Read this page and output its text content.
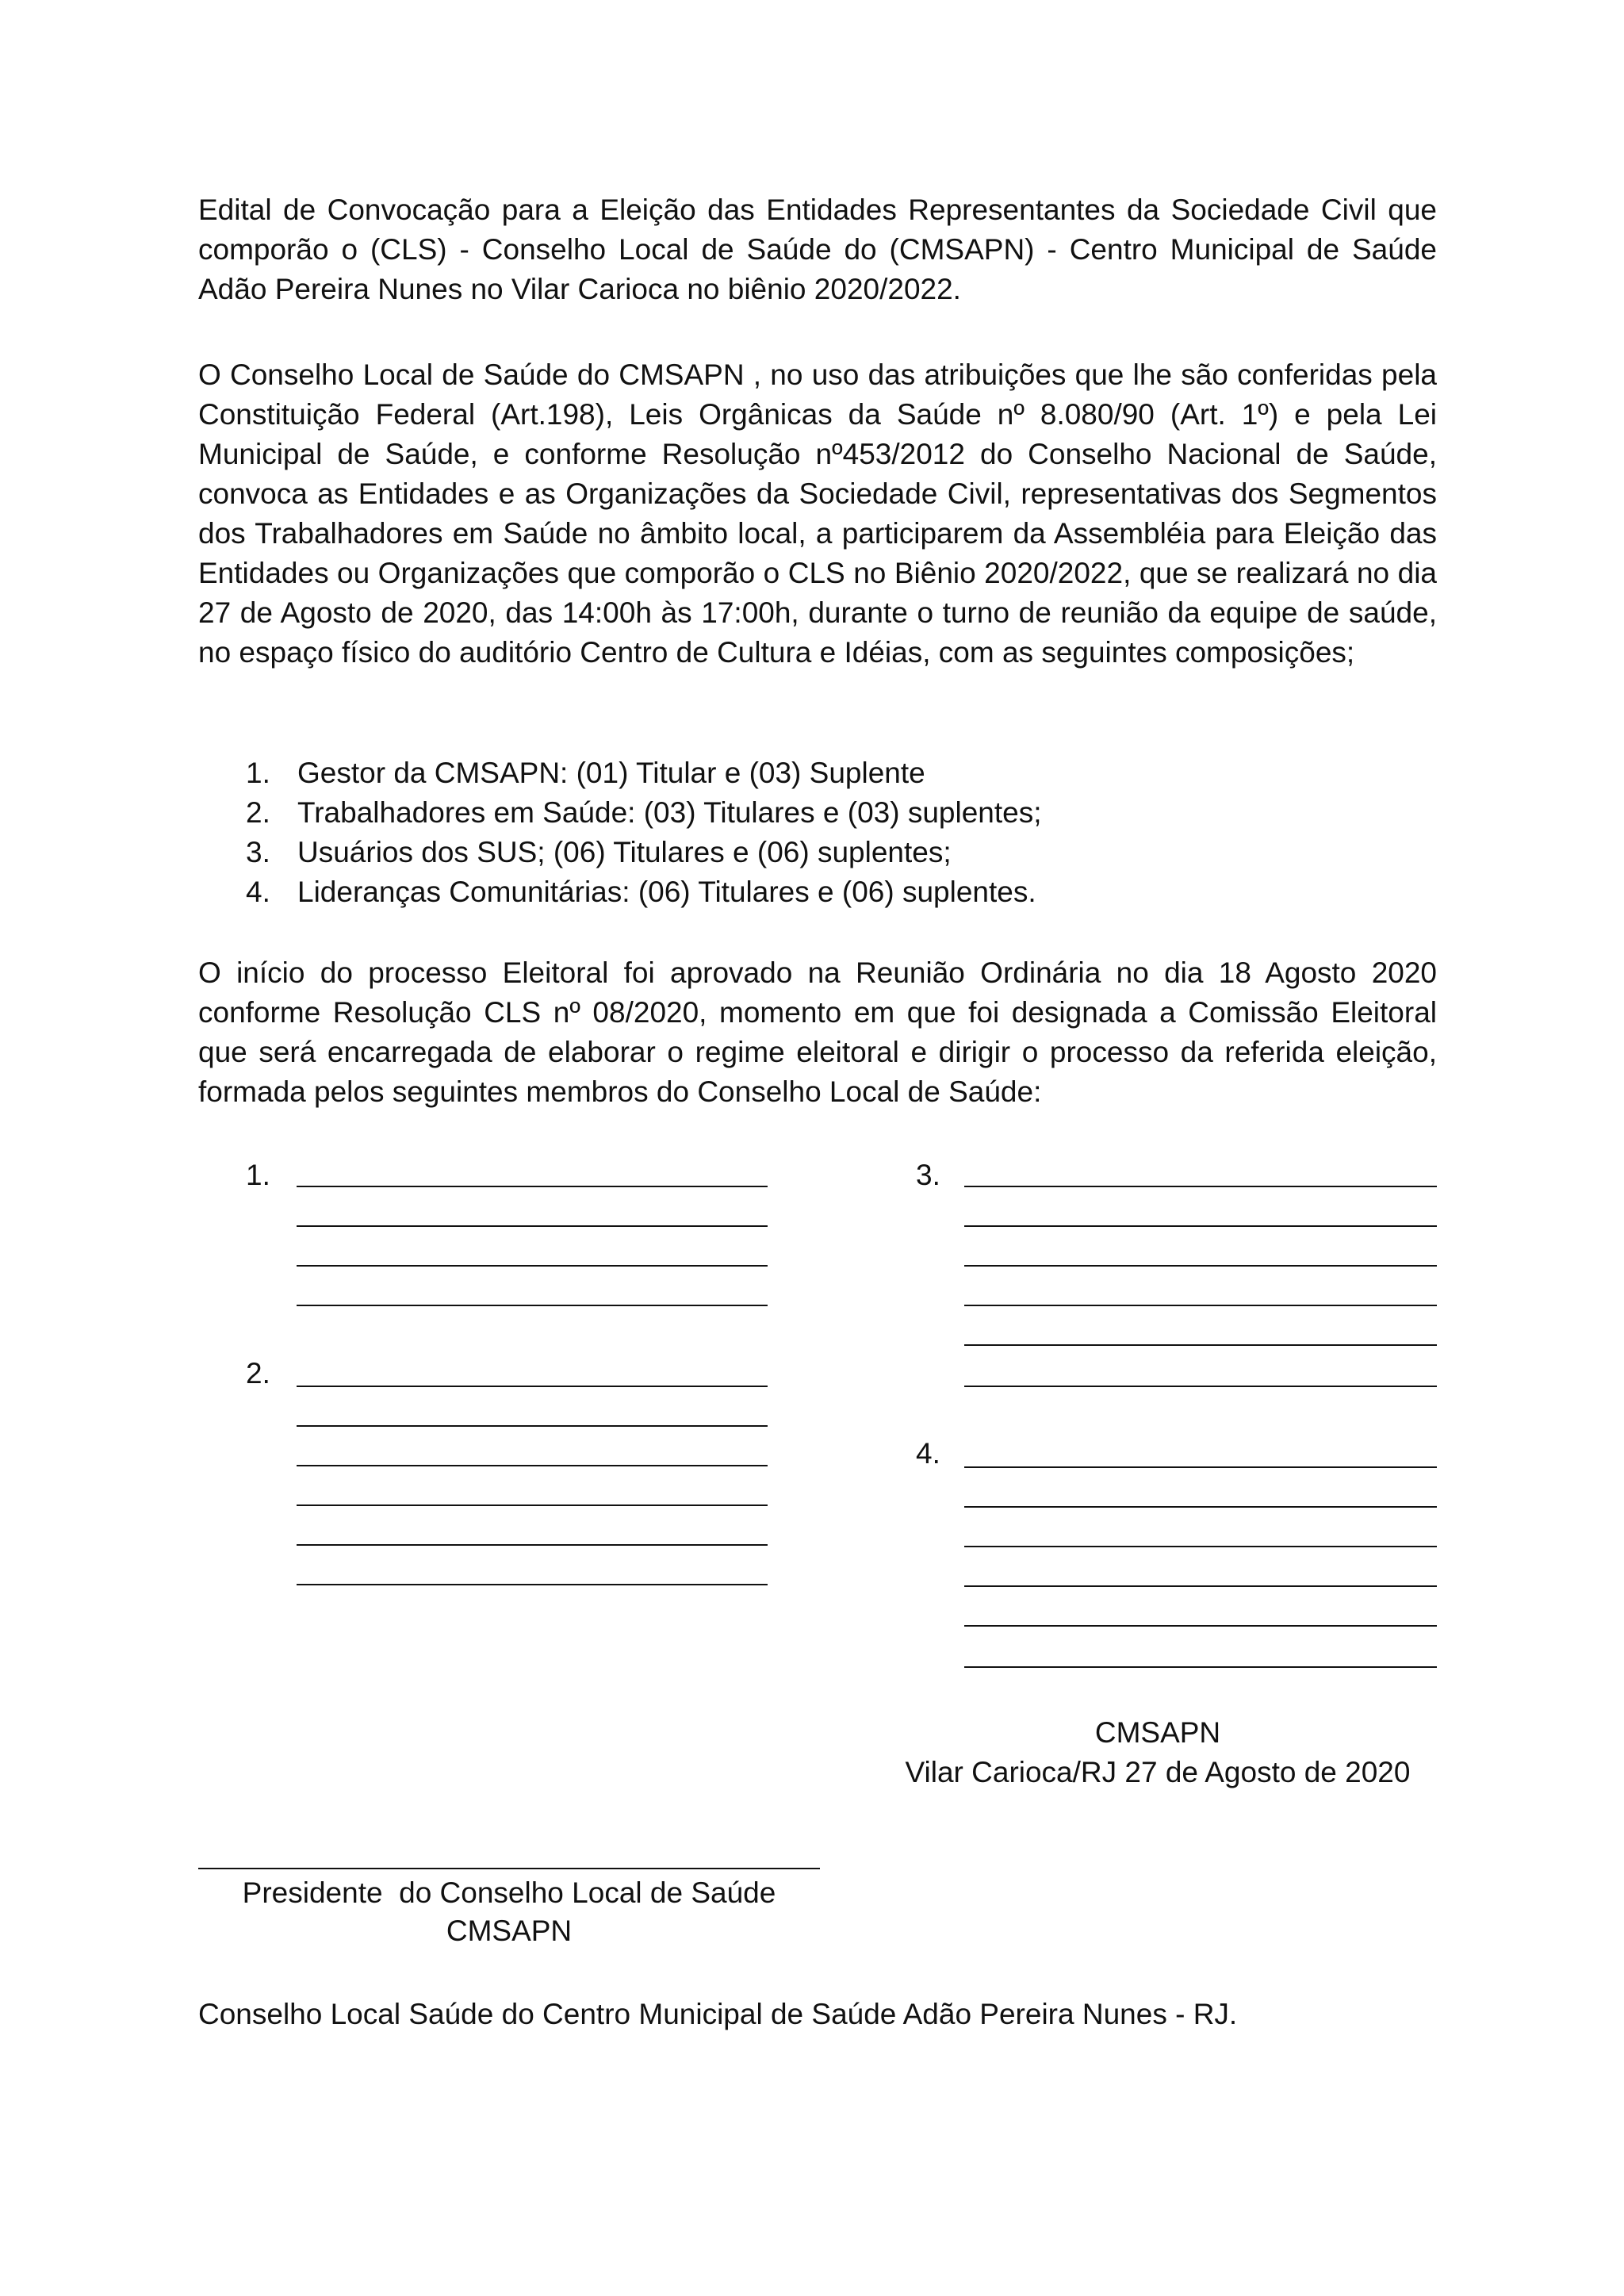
Edital de Convocação para a Eleição das Entidades Representantes da Sociedade Civil que comporão o (CLS) - Conselho Local de Saúde do (CMSAPN) - Centro Municipal de Saúde Adão Pereira Nunes no Vilar Carioca no biênio 2020/2022.

O Conselho Local de Saúde do CMSAPN , no uso das atribuições que lhe são conferidas pela Constituição Federal (Art.198), Leis Orgânicas da Saúde nº 8.080/90 (Art. 1º) e pela Lei Municipal de Saúde, e conforme Resolução nº453/2012 do Conselho Nacional de Saúde, convoca as Entidades e as Organizações da Sociedade Civil, representativas dos Segmentos dos Trabalhadores em Saúde no âmbito local, a participarem da Assembléia para Eleição das Entidades ou Organizações que comporão o CLS no Biênio 2020/2022, que se realizará no dia 27 de Agosto de 2020, das 14:00h às 17:00h, durante o turno de reunião da equipe de saúde, no espaço físico do auditório Centro de Cultura e Idéias, com as seguintes composições;

1. Gestor da CMSAPN: (01) Titular e (03) Suplente
2. Trabalhadores em Saúde: (03) Titulares e (03) suplentes;
3. Usuários dos SUS; (06) Titulares e (06) suplentes;
4. Lideranças Comunitárias: (06) Titulares e (06) suplentes.

O início do processo Eleitoral foi aprovado na Reunião Ordinária no dia 18 Agosto 2020 conforme Resolução CLS nº 08/2020, momento em que foi designada a Comissão Eleitoral que será encarregada de elaborar o regime eleitoral e dirigir o processo da referida eleição, formada pelos seguintes membros do Conselho Local de Saúde:

1.
2.
3.
4.
CMSAPN
Vilar Carioca/RJ 27 de Agosto de 2020
Presidente  do Conselho Local de Saúde
CMSAPN
Conselho Local Saúde do Centro Municipal de Saúde Adão Pereira Nunes - RJ.
